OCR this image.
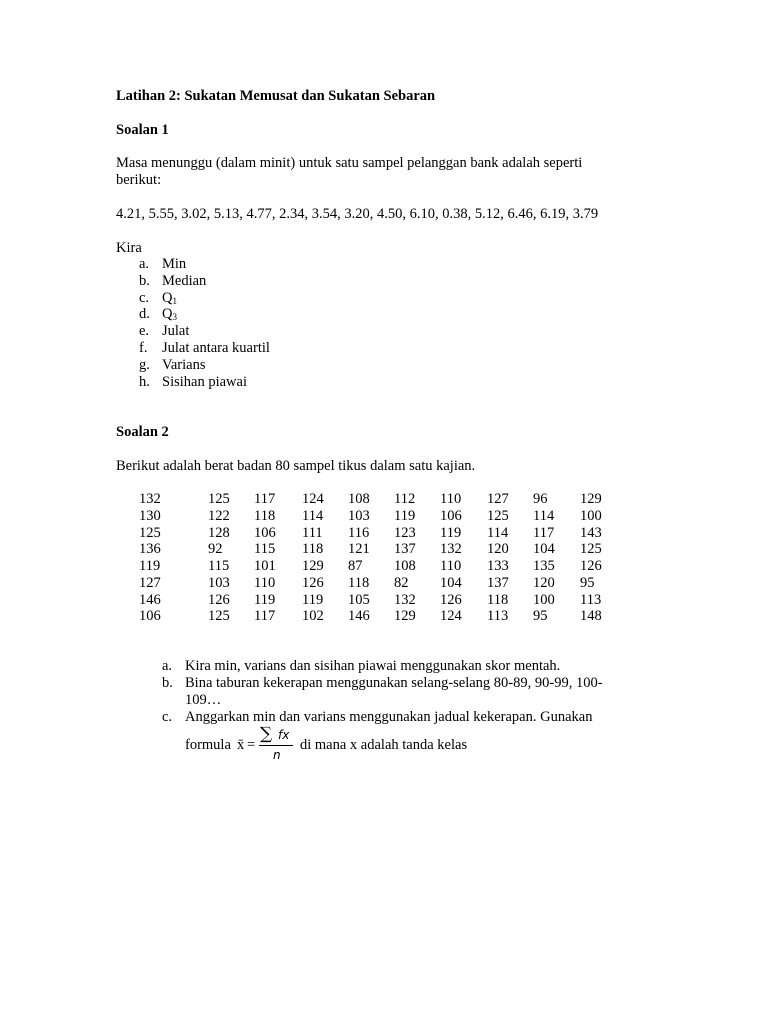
Latihan 2: Sukatan Memusat dan Sukatan Sebaran
Soalan 1
Masa menunggu (dalam minit) untuk satu sampel pelanggan bank adalah seperti
berikut:
4.21, 5.55, 3.02, 5.13, 4.77, 2.34, 3.54, 3.20, 4.50, 6.10, 0.38, 5.12, 6.46, 6.19, 3.79
Kira
a. Min
b. Median
c. $Q_1$
d. $Q_3$
e. Julat
f. Julat antara kuartil
g. Varians
h. Sisihan piawai
Soalan 2
Berikut adalah berat badan 80 sampel tikus dalam satu kajian.
132	125 117 124 108 112 110 127 96 129
130	122 118 114 103 119 106 125 114 100
125	128 106 111 116 123 119 114 117 143
136	92 115 118 121 137 132 120 104 125
119	115 101 129 87 108 110 133 135 126
127	103 110 126 118 82 104 137 120 95
146	126 119 119 105 132 126 118 100 113
106	125 117 102 146 129 124 113 95 148
a. Kira min, varians dan sisihan piawai menggunakan skor mentah.
b. Bina taburan kekerapan menggunakan selang-selang 80-89, 90-99, 100-
109…
c. Anggarkan min dan varians menggunakan jadual kekerapan. Gunakan
formula x̄ =
∑ fx
n
di mana x adalah tanda kelas
